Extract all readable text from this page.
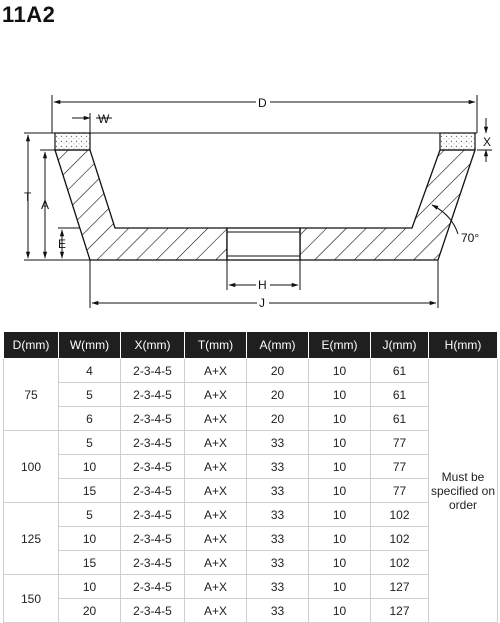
11A2
D
W
X
T
A
E
H
J
70°
D(mm)	W(mm)	X(mm)	T(mm)	A(mm)	E(mm)	J(mm)	H(mm)
75	4	2-3-4-5	A+X	20	10	61	Must be specified on order
	5	2-3-4-5	A+X	20	10	61	
	6	2-3-4-5	A+X	20	10	61	
100	5	2-3-4-5	A+X	33	10	77	
	10	2-3-4-5	A+X	33	10	77	
	15	2-3-4-5	A+X	33	10	77	
125	5	2-3-4-5	A+X	33	10	102	
	10	2-3-4-5	A+X	33	10	102	
	15	2-3-4-5	A+X	33	10	102	
150	10	2-3-4-5	A+X	33	10	127	
	20	2-3-4-5	A+X	33	10	127	
